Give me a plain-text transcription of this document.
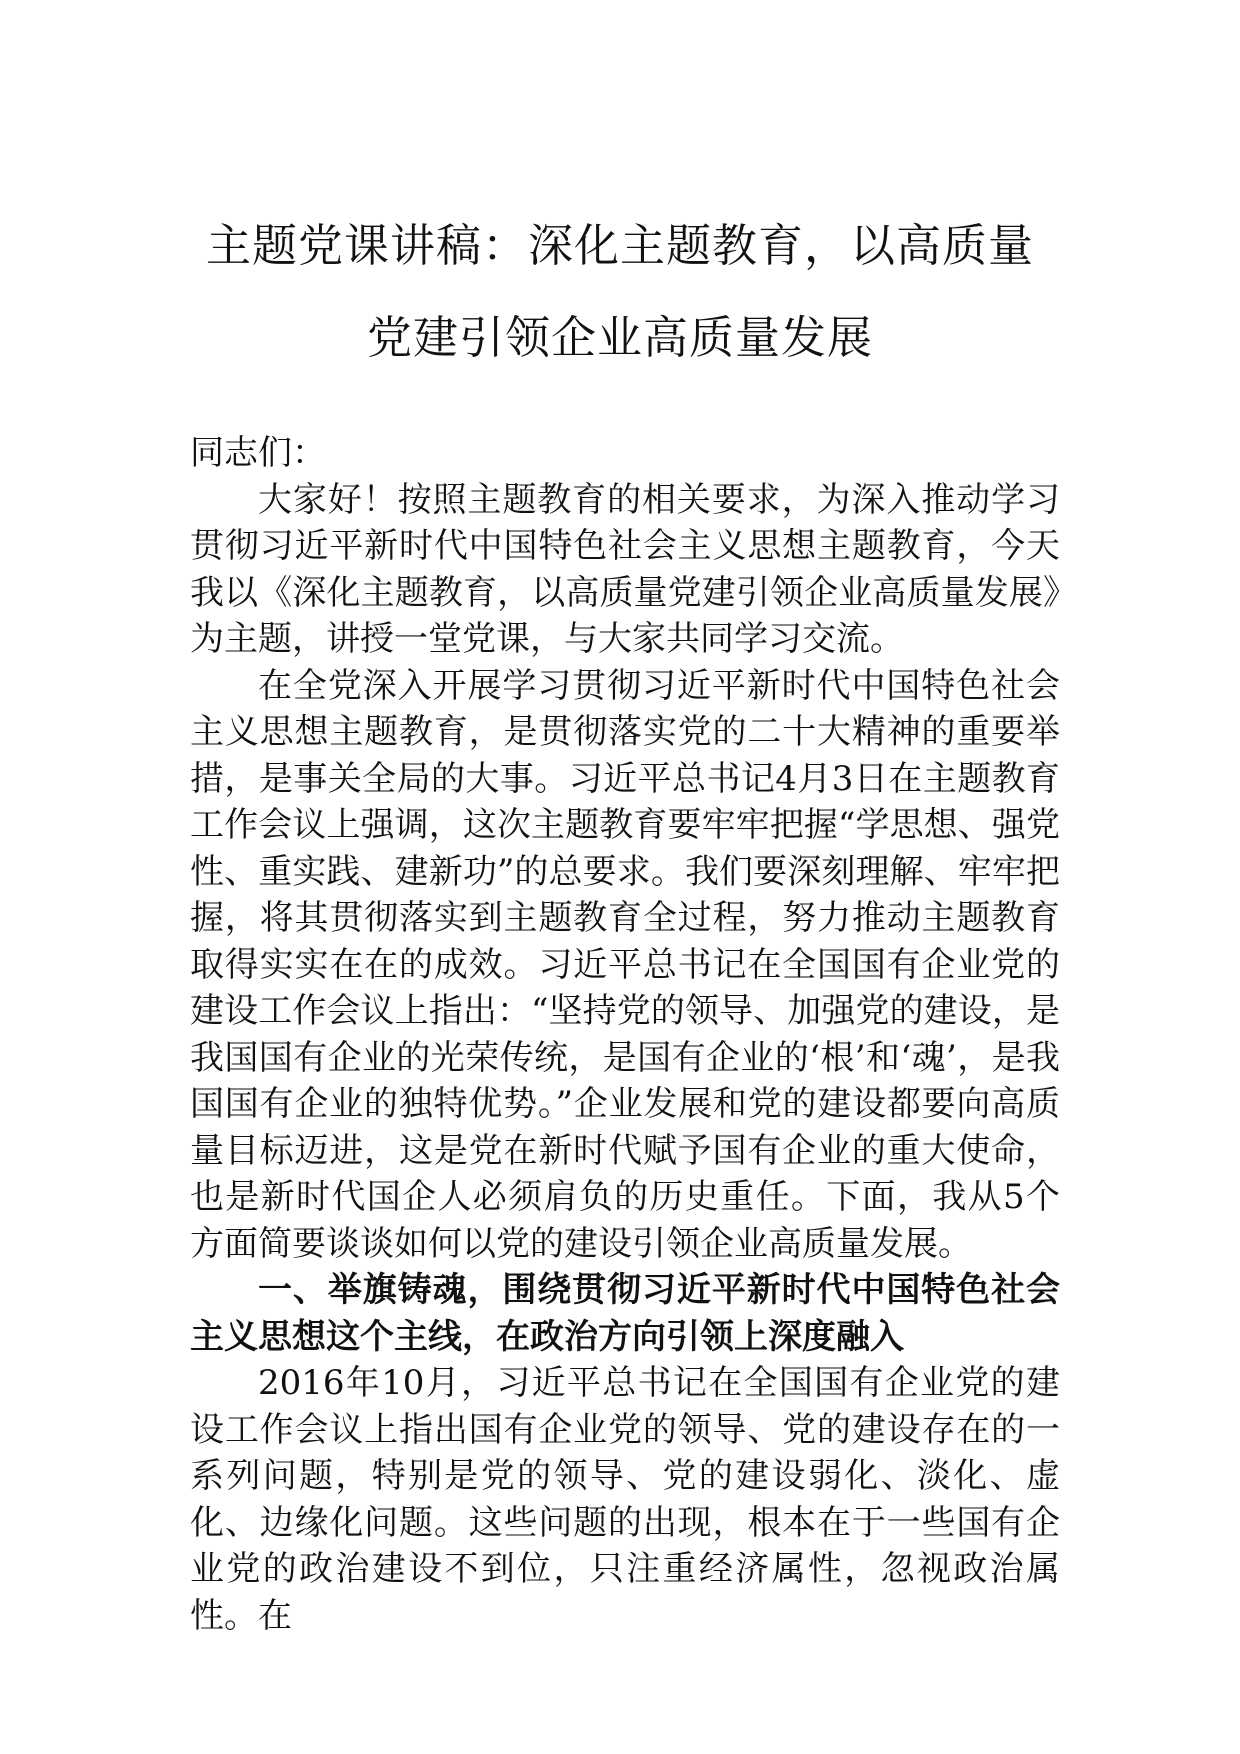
主题党课讲稿：深化主题教育，以高质量
党建引领企业高质量发展

同志们：

大家好！按照主题教育的相关要求，为深入推动学习贯彻习近平新时代中国特色社会主义思想主题教育，今天我以《深化主题教育，以高质量党建引领企业高质量发展》为主题，讲授一堂党课，与大家共同学习交流。

在全党深入开展学习贯彻习近平新时代中国特色社会主义思想主题教育，是贯彻落实党的二十大精神的重要举措，是事关全局的大事。习近平总书记4月3日在主题教育工作会议上强调，这次主题教育要牢牢把握“学思想、强党性、重实践、建新功”的总要求。我们要深刻理解、牢牢把握，将其贯彻落实到主题教育全过程，努力推动主题教育取得实实在在的成效。习近平总书记在全国国有企业党的建设工作会议上指出：“坚持党的领导、加强党的建设，是我国国有企业的光荣传统，是国有企业的‘根’和‘魂’，是我国国有企业的独特优势。”企业发展和党的建设都要向高质量目标迈进，这是党在新时代赋予国有企业的重大使命，也是新时代国企人必须肩负的历史重任。下面，我从5个方面简要谈谈如何以党的建设引领企业高质量发展。

一、举旗铸魂，围绕贯彻习近平新时代中国特色社会主义思想这个主线，在政治方向引领上深度融入

2016年10月，习近平总书记在全国国有企业党的建设工作会议上指出国有企业党的领导、党的建设存在的一系列问题，特别是党的领导、党的建设弱化、淡化、虚化、边缘化问题。这些问题的出现，根本在于一些国有企业党的政治建设不到位，只注重经济属性，忽视政治属性。在
